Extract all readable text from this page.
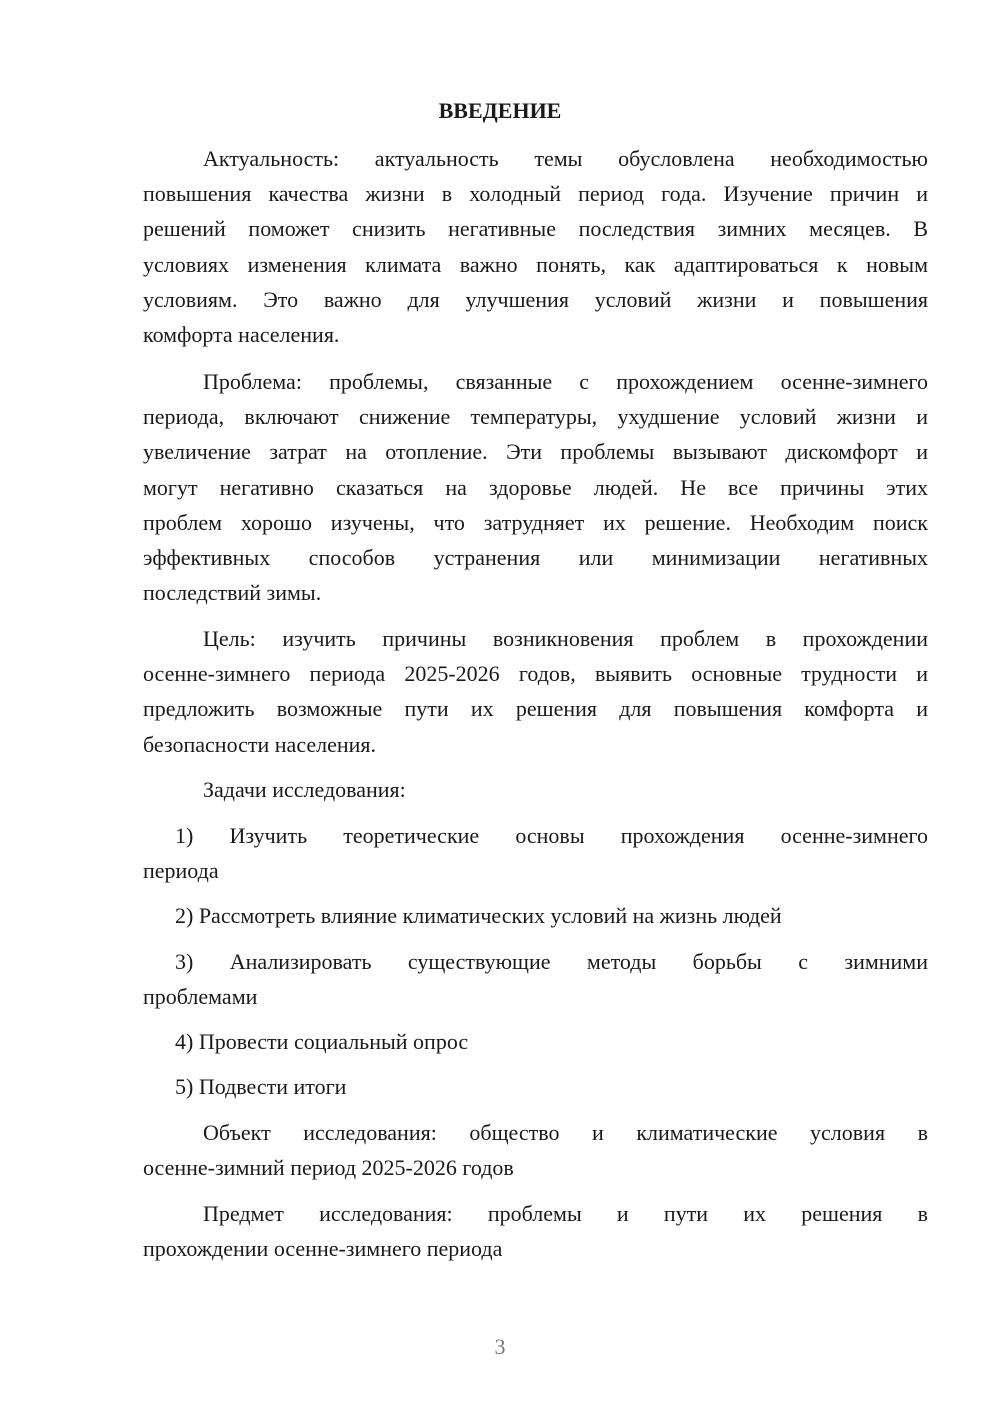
ВВЕДЕНИЕ
Актуальность: актуальность темы обусловлена необходимостью
повышения качества жизни в холодный период года. Изучение причин и
решений поможет снизить негативные последствия зимних месяцев. В
условиях изменения климата важно понять, как адаптироваться к новым
условиям. Это важно для улучшения условий жизни и повышения
комфорта населения.
Проблема: проблемы, связанные с прохождением осенне-зимнего
периода, включают снижение температуры, ухудшение условий жизни и
увеличение затрат на отопление. Эти проблемы вызывают дискомфорт и
могут негативно сказаться на здоровье людей. Не все причины этих
проблем хорошо изучены, что затрудняет их решение. Необходим поиск
эффективных способов устранения или минимизации негативных
последствий зимы.
Цель: изучить причины возникновения проблем в прохождении
осенне-зимнего периода 2025-2026 годов, выявить основные трудности и
предложить возможные пути их решения для повышения комфорта и
безопасности населения.
Задачи исследования:
1) Изучить теоретические основы прохождения осенне-зимнего
периода
2) Рассмотреть влияние климатических условий на жизнь людей
3) Анализировать существующие методы борьбы с зимними
проблемами
4) Провести социальный опрос
5) Подвести итоги
Объект исследования: общество и климатические условия в
осенне-зимний период 2025-2026 годов
Предмет исследования: проблемы и пути их решения в
прохождении осенне-зимнего периода
3
